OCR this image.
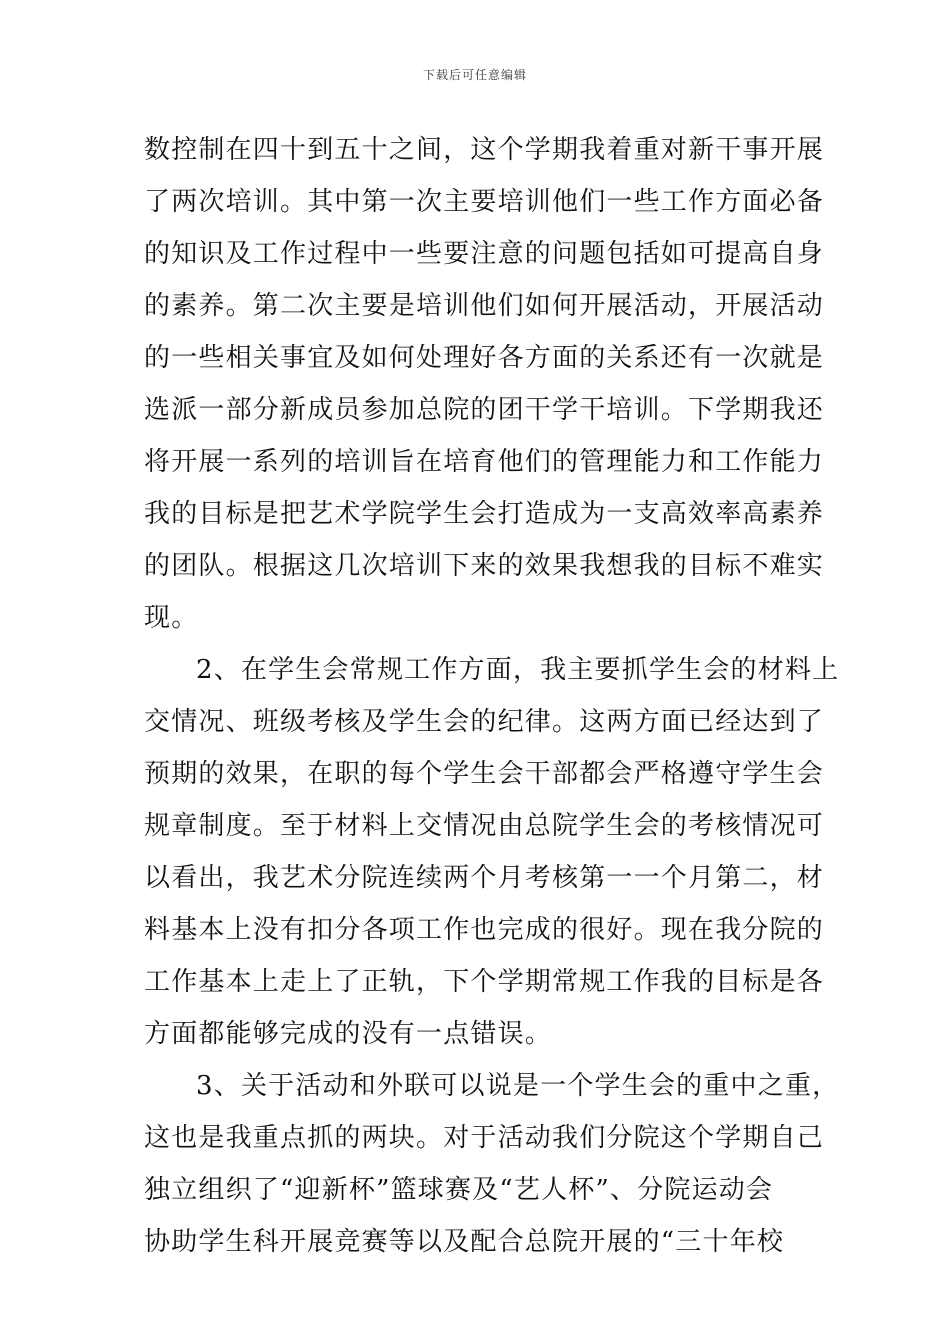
下载后可任意编辑
数控制在四十到五十之间，这个学期我着重对新干事开展
了两次培训。其中第一次主要培训他们一些工作方面必备
的知识及工作过程中一些要注意的问题包括如可提高自身
的素养。第二次主要是培训他们如何开展活动，开展活动
的一些相关事宜及如何处理好各方面的关系还有一次就是
选派一部分新成员参加总院的团干学干培训。下学期我还
将开展一系列的培训旨在培育他们的管理能力和工作能力
我的目标是把艺术学院学生会打造成为一支高效率高素养
的团队。根据这几次培训下来的效果我想我的目标不难实
现。
2、在学生会常规工作方面，我主要抓学生会的材料上
交情况、班级考核及学生会的纪律。这两方面已经达到了
预期的效果，在职的每个学生会干部都会严格遵守学生会
规章制度。至于材料上交情况由总院学生会的考核情况可
以看出，我艺术分院连续两个月考核第一一个月第二，材
料基本上没有扣分各项工作也完成的很好。现在我分院的
工作基本上走上了正轨，下个学期常规工作我的目标是各
方面都能够完成的没有一点错误。
3、关于活动和外联可以说是一个学生会的重中之重，
这也是我重点抓的两块。对于活动我们分院这个学期自己
独立组织了“迎新杯”篮球赛及“艺人杯”、分院运动会
协助学生科开展竞赛等以及配合总院开展的“三十年校
